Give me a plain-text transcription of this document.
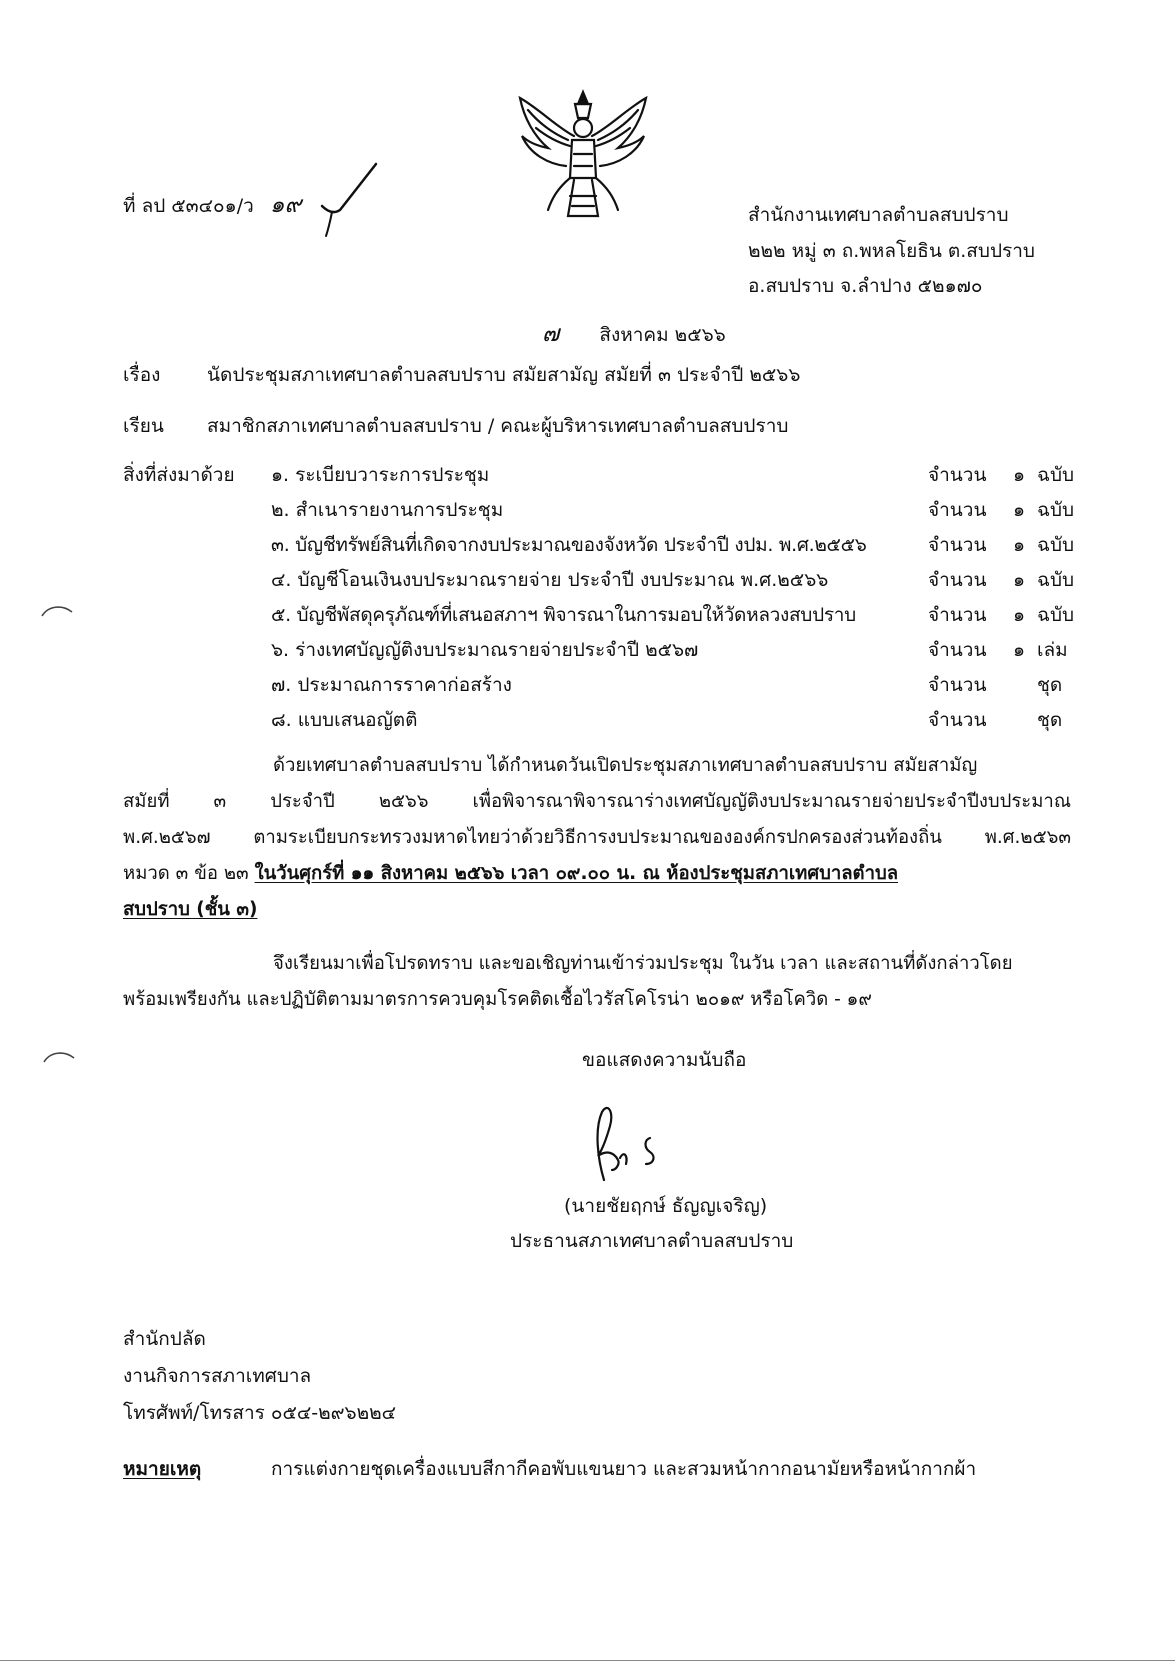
ที่ ลป ๕๓๔๐๑/ว ๑๙	สำนักงานเทศบาลตำบลสบปราบ
๒๒๒ หมู่ ๓ ถ.พหลโยธิน ต.สบปราบ
อ.สบปราบ จ.ลำปาง ๕๒๑๗๐
๗ สิงหาคม ๒๕๖๖
เรื่อง นัดประชุมสภาเทศบาลตำบลสบปราบ สมัยสามัญ สมัยที่ ๓ ประจำปี ๒๕๖๖
เรียน สมาชิกสภาเทศบาลตำบลสบปราบ / คณะผู้บริหารเทศบาลตำบลสบปราบ
สิ่งที่ส่งมาด้วย ๑. ระเบียบวาระการประชุม	จำนวน	๑ ฉบับ
๒. สำเนารายงานการประชุม	จำนวน	๑ ฉบับ
๓. บัญชีทรัพย์สินที่เกิดจากงบประมาณของจังหวัด ประจำปี งปม. พ.ศ.๒๕๕๖	จำนวน	๑ ฉบับ
๔. บัญชีโอนเงินงบประมาณรายจ่าย ประจำปี งบประมาณ พ.ศ.๒๕๖๖	จำนวน	๑ ฉบับ
๕. บัญชีพัสดุครุภัณฑ์ที่เสนอสภาฯ พิจารณาในการมอบให้วัดหลวงสบปราบ	จำนวน	๑ ฉบับ
๖. ร่างเทศบัญญัติงบประมาณรายจ่ายประจำปี ๒๕๖๗	จำนวน	๑ เล่ม
๗. ประมาณการราคาก่อสร้าง	จำนวน	ชุด
๘. แบบเสนอญัตติ	จำนวน	ชุด
ด้วยเทศบาลตำบลสบปราบ ได้กำหนดวันเปิดประชุมสภาเทศบาลตำบลสบปราบ สมัยสามัญ
สมัยที่ ๓ ประจำปี ๒๕๖๖ เพื่อพิจารณาพิจารณาร่างเทศบัญญัติงบประมาณรายจ่ายประจำปีงบประมาณ
พ.ศ.๒๕๖๗ ตามระเบียบกระทรวงมหาดไทยว่าด้วยวิธีการงบประมาณขององค์กรปกครองส่วนท้องถิ่น พ.ศ.๒๕๖๓
หมวด ๓ ข้อ ๒๓ ในวันศุกร์ที่ ๑๑ สิงหาคม ๒๕๖๖ เวลา ๐๙.๐๐ น. ณ ห้องประชุมสภาเทศบาลตำบล
สบปราบ (ชั้น ๓)
จึงเรียนมาเพื่อโปรดทราบ และขอเชิญท่านเข้าร่วมประชุม ในวัน เวลา และสถานที่ดังกล่าวโดย
พร้อมเพรียงกัน และปฏิบัติตามมาตรการควบคุมโรคติดเชื้อไวรัสโคโรน่า ๒๐๑๙ หรือโควิด - ๑๙
ขอแสดงความนับถือ
(นายชัยฤกษ์ ธัญญเจริญ)
ประธานสภาเทศบาลตำบลสบปราบ
สำนักปลัด
งานกิจการสภาเทศบาล
โทรศัพท์/โทรสาร ๐๕๔-๒๙๖๒๒๔
หมายเหตุ	การแต่งกายชุดเครื่องแบบสีกากีคอพับแขนยาว และสวมหน้ากากอนามัยหรือหน้ากากผ้า
